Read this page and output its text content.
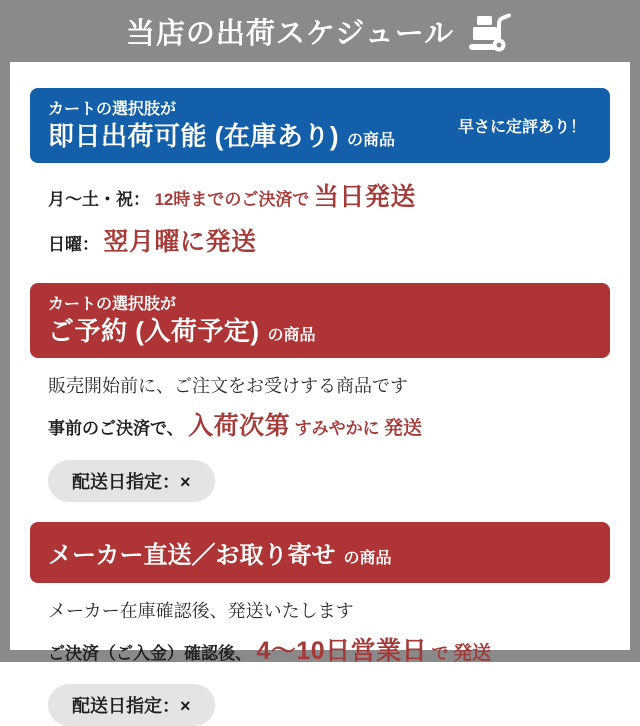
当店の出荷スケジュール
カートの選択肢が
即日出荷可能 (在庫あり) の商品
早さに定評あり！

月〜土・祝： 12時までのご決済で 当日発送

日曜： 翌月曜に発送

カートの選択肢が
ご予約 (入荷予定) の商品

販売開始前に、ご注文をお受けする商品です

事前のご決済で、 入荷次第 すみやかに 発送

配送日指定：×
メーカー直送／お取り寄せ の商品

メーカー在庫確認後、発送いたします

ご決済（ご入金）確認後、 4〜10日営業日 で 発送

配送日指定：×
